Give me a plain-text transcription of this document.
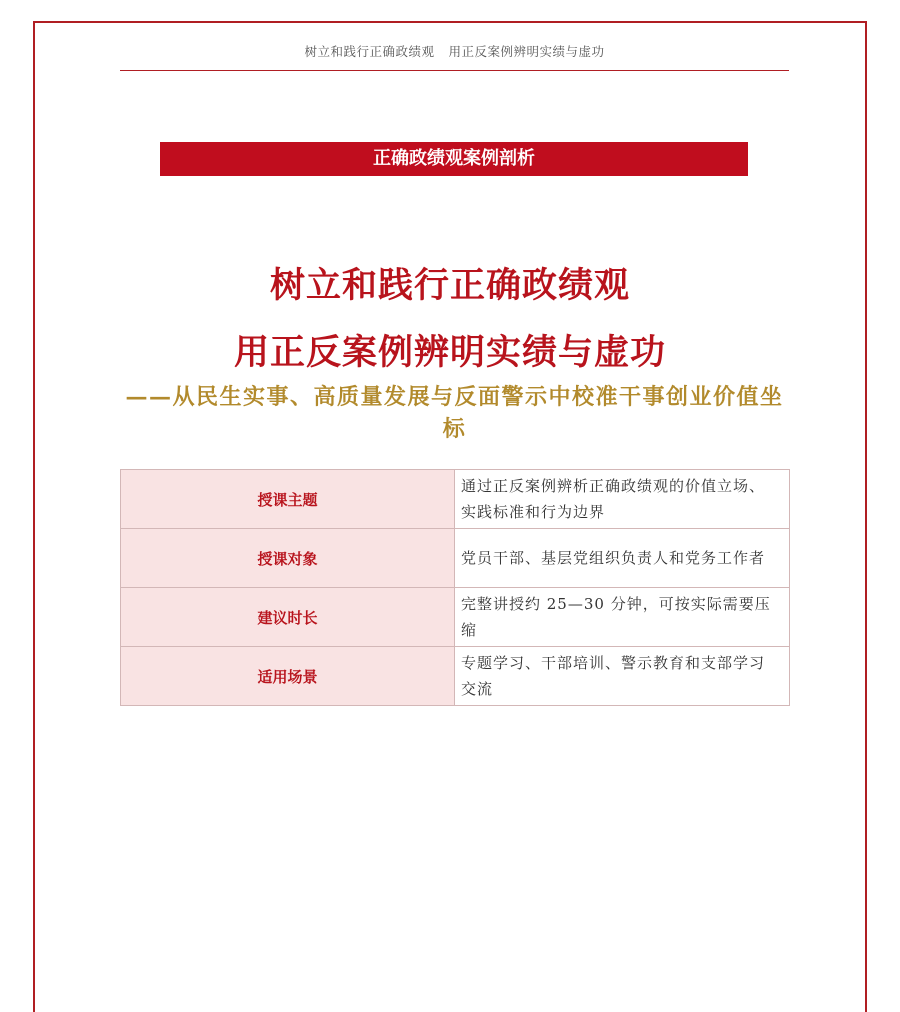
树立和践行正确政绩观 用正反案例辨明实绩与虚功
正确政绩观案例剖析
树立和践行正确政绩观
用正反案例辨明实绩与虚功
——从民生实事、高质量发展与反面警示中校准干事创业价值坐标
授课主题	通过正反案例辨析正确政绩观的价值立场、实践标准和行为边界
授课对象	党员干部、基层党组织负责人和党务工作者
建议时长	完整讲授约 25—30 分钟，可按实际需要压缩
适用场景	专题学习、干部培训、警示教育和支部学习交流
